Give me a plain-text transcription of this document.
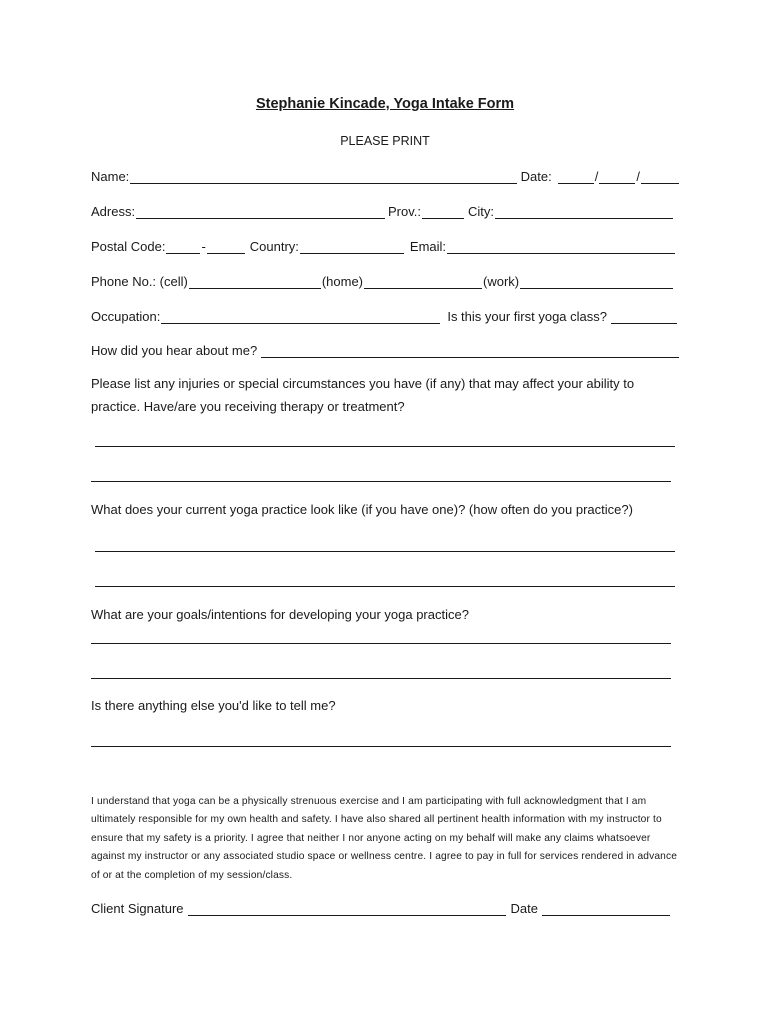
Stephanie Kincade, Yoga Intake Form
PLEASE PRINT
Name:	Date:	/	/
Adress:	Prov.:	City:
Postal Code:	-	Country:	Email:
Phone No.: (cell)	(home)	(work)
Occupation:	Is this your first yoga class?
How did you hear about me?
Please list any injuries or special circumstances you have (if any) that may affect your ability to practice. Have/are you receiving therapy or treatment?
What does your current yoga practice look like (if you have one)? (how often do you practice?)
What are your goals/intentions for developing your yoga practice?
Is there anything else you'd like to tell me?
I understand that yoga can be a physically strenuous exercise and I am participating with full acknowledgment that I am ultimately responsible for my own health and safety. I have also shared all pertinent health information with my instructor to ensure that my safety is a priority. I agree that neither I nor anyone acting on my behalf will make any claims whatsoever against my instructor or any associated studio space or wellness centre. I agree to pay in full for services rendered in advance of or at the completion of my session/class.
Client Signature	Date
